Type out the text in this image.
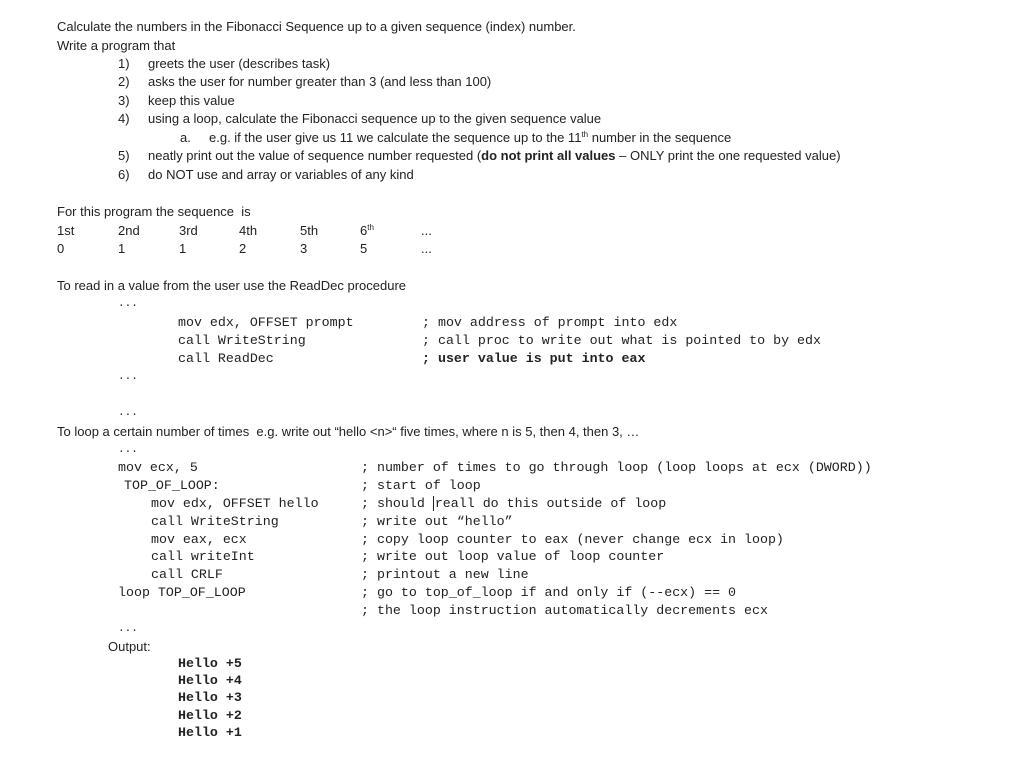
Calculate the numbers in the Fibonacci Sequence up to a given sequence (index) number.
Write a program that
1) greets the user (describes task)
2) asks the user for number greater than 3 (and less than 100)
3) keep this value
4) using a loop, calculate the Fibonacci sequence up to the given sequence value
a. e.g. if the user give us 11 we calculate the sequence up to the 11th number in the sequence
5) neatly print out the value of sequence number requested (do not print all values – ONLY print the one requested value)
6) do NOT use and array or variables of any kind
For this program the sequence  is
1st	2nd	3rd	4th	5th	6th	...
0	1	1	2	3	5	...
To read in a value from the user use the ReadDec procedure
...
mov edx, OFFSET prompt	; mov address of prompt into edx
call WriteString	; call proc to write out what is pointed to by edx
call ReadDec	; user value is put into eax
...
...
To loop a certain number of times  e.g. write out “hello <n>“ five times, where n is 5, then 4, then 3, …
...
mov ecx, 5	; number of times to go through loop (loop loops at ecx (DWORD))
TOP_OF_LOOP:	; start of loop
mov edx, OFFSET hello	; should reall do this outside of loop
call WriteString	; write out “hello”
mov eax, ecx	; copy loop counter to eax (never change ecx in loop)
call writeInt	; write out loop value of loop counter
call CRLF	; printout a new line
loop TOP_OF_LOOP	; go to top_of_loop if and only if (--ecx) == 0
; the loop instruction automatically decrements ecx
...
Output:
Hello +5
Hello +4
Hello +3
Hello +2
Hello +1
